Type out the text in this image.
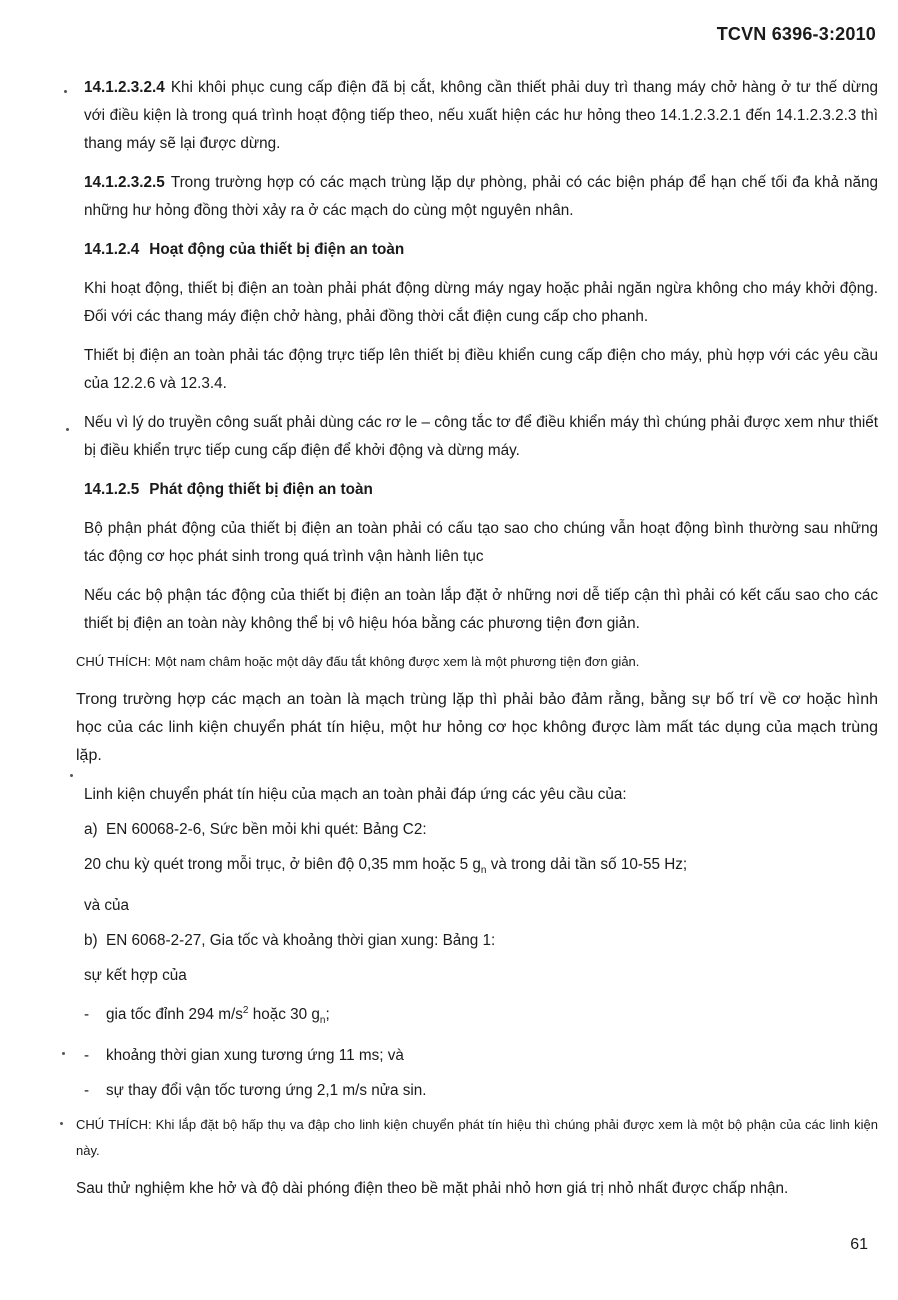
TCVN 6396-3:2010

14.1.2.3.2.4 Khi khôi phục cung cấp điện đã bị cắt, không cần thiết phải duy trì thang máy chở hàng ở tư thế dừng với điều kiện là trong quá trình hoạt động tiếp theo, nếu xuất hiện các hư hỏng theo 14.1.2.3.2.1 đến 14.1.2.3.2.3 thì thang máy sẽ lại được dừng.

14.1.2.3.2.5 Trong trường hợp có các mạch trùng lặp dự phòng, phải có các biện pháp để hạn chế tối đa khả năng những hư hỏng đồng thời xảy ra ở các mạch do cùng một nguyên nhân.

14.1.2.4 Hoạt động của thiết bị điện an toàn

Khi hoạt động, thiết bị điện an toàn phải phát động dừng máy ngay hoặc phải ngăn ngừa không cho máy khởi động. Đối với các thang máy điện chở hàng, phải đồng thời cắt điện cung cấp cho phanh.

Thiết bị điện an toàn phải tác động trực tiếp lên thiết bị điều khiển cung cấp điện cho máy, phù hợp với các yêu cầu của 12.2.6 và 12.3.4.

Nếu vì lý do truyền công suất phải dùng các rơ le – công tắc tơ để điều khiển máy thì chúng phải được xem như thiết bị điều khiển trực tiếp cung cấp điện để khởi động và dừng máy.

14.1.2.5 Phát động thiết bị điện an toàn

Bộ phận phát động của thiết bị điện an toàn phải có cấu tạo sao cho chúng vẫn hoạt động bình thường sau những tác động cơ học phát sinh trong quá trình vận hành liên tục

Nếu các bộ phận tác động của thiết bị điện an toàn lắp đặt ở những nơi dễ tiếp cận thì phải có kết cấu sao cho các thiết bị điện an toàn này không thể bị vô hiệu hóa bằng các phương tiện đơn giản.

CHÚ THÍCH: Một nam châm hoặc một dây đấu tắt không được xem là một phương tiện đơn giản.

Trong trường hợp các mạch an toàn là mạch trùng lặp thì phải bảo đảm rằng, bằng sự bố trí về cơ hoặc hình học của các linh kiện chuyển phát tín hiệu, một hư hỏng cơ học không được làm mất tác dụng của mạch trùng lặp.

Linh kiện chuyển phát tín hiệu của mạch an toàn phải đáp ứng các yêu cầu của:

a) EN 60068-2-6, Sức bền mỏi khi quét: Bảng C2:

20 chu kỳ quét trong mỗi trục, ở biên độ 0,35 mm hoặc 5 $g_n$ và trong dải tần số 10-55 Hz;

và của

b) EN 6068-2-27, Gia tốc và khoảng thời gian xung: Bảng 1:

sự kết hợp của

- gia tốc đỉnh 294 $m/s^2$ hoặc 30 $g_n$;

- khoảng thời gian xung tương ứng 11 ms; và

- sự thay đổi vận tốc tương ứng 2,1 m/s nửa sin.

CHÚ THÍCH: Khi lắp đặt bộ hấp thụ va đập cho linh kiện chuyển phát tín hiệu thì chúng phải được xem là một bộ phận của các linh kiện này.

Sau thử nghiệm khe hở và độ dài phóng điện theo bề mặt phải nhỏ hơn giá trị nhỏ nhất được chấp nhận.

61
